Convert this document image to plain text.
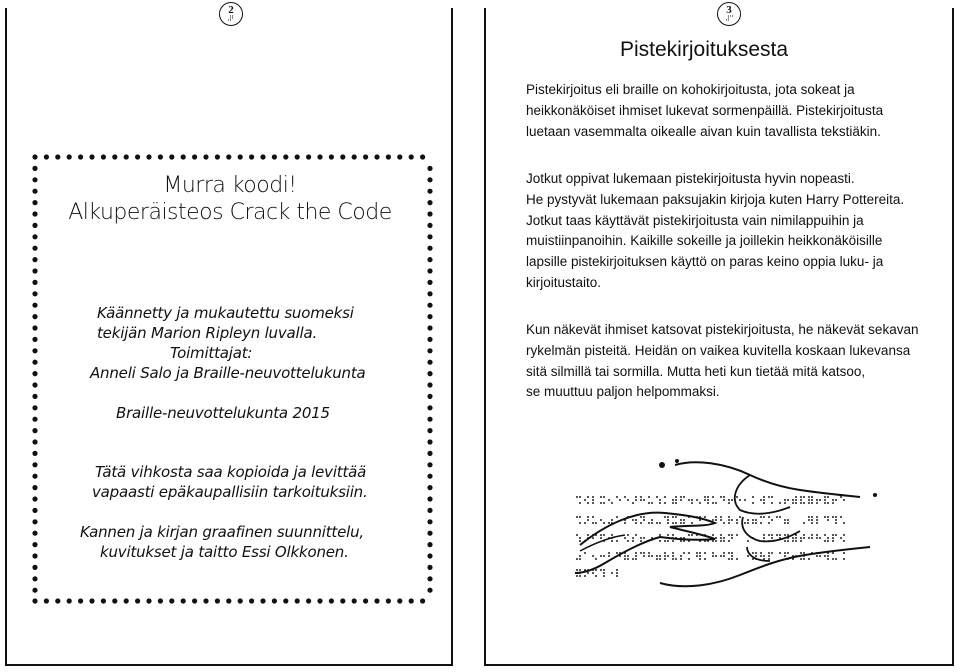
2
⠼⠃
Murra koodi!
Alkuperäisteos Crack the Code
Käännetty ja mukautettu suomeksi
tekijän Marion Ripleyn luvalla.
Toimittajat:
Anneli Salo ja Braille-neuvottelukunta
Braille-neuvottelukunta 2015
Tätä vihkosta saa kopioida ja levittää
vapaasti epäkaupallisiin tarkoituksiin.
Kannen ja kirjan graafinen suunnittelu,
kuvitukset ja taitto Essi Olkkonen.
3
⠼⠉
Pistekirjoituksesta
Pistekirjoitus eli braille on kohokirjoitusta, jota sokeat ja
heikkonäköiset ihmiset lukevat sormenpäillä. Pistekirjoitusta
luetaan vasemmalta oikealle aivan kuin tavallista tekstiäkin.
Jotkut oppivat lukemaan pistekirjoitusta hyvin nopeasti.
He pystyvät lukemaan paksujakin kirjoja kuten Harry Pottereita.
Jotkut taas käyttävät pistekirjoitusta vain nimilappuihin ja
muistiinpanoihin. Kaikille sokeille ja joillekin heikkonäköisille
lapsille pistekirjoituksen käyttö on paras keino oppia luku- ja
kirjoitustaito.
Kun näkevät ihmiset katsovat pistekirjoitusta, he näkevät sekavan
rykelmän pisteitä. Heidän on vaikea kuvitella koskaan lukevansa
sitä silmillä tai sormilla. Mutta heti kun tietää mitä katsoo,
se muuttuu paljon helpommaksi.
